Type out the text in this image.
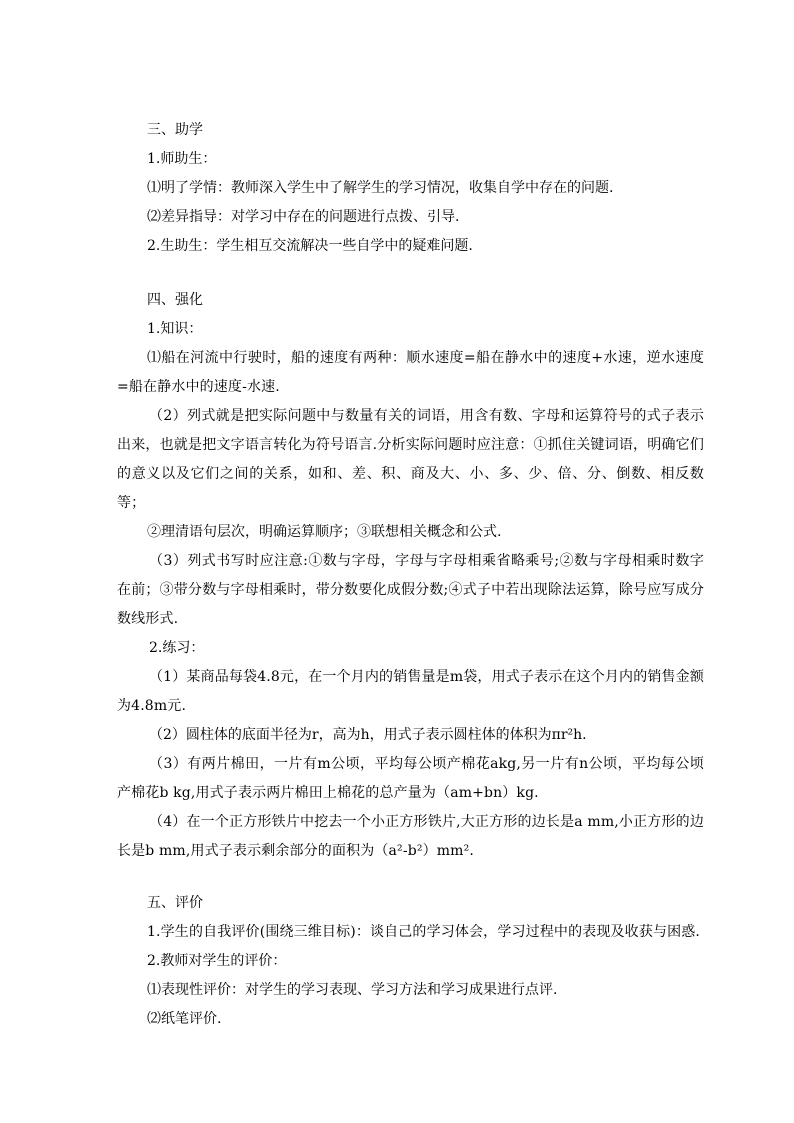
三、助学

1.师助生：

⑴明了学情：教师深入学生中了解学生的学习情况，收集自学中存在的问题.

⑵差异指导：对学习中存在的问题进行点拨、引导.

2.生助生：学生相互交流解决一些自学中的疑难问题.

四、强化

1.知识：

⑴船在河流中行驶时，船的速度有两种：顺水速度=船在静水中的速度+水速，逆水速度=船在静水中的速度-水速.

（2）列式就是把实际问题中与数量有关的词语，用含有数、字母和运算符号的式子表示出来，也就是把文字语言转化为符号语言.分析实际问题时应注意：①抓住关键词语，明确它们的意义以及它们之间的关系，如和、差、积、商及大、小、多、少、倍、分、倒数、相反数等；

②理清语句层次，明确运算顺序；③联想相关概念和公式.

（3）列式书写时应注意:①数与字母，字母与字母相乘省略乘号;②数与字母相乘时数字在前；③带分数与字母相乘时，带分数要化成假分数;④式子中若出现除法运算，除号应写成分数线形式.

2.练习：

（1）某商品每袋4.8元，在一个月内的销售量是m袋，用式子表示在这个月内的销售金额为4.8m元.

（2）圆柱体的底面半径为r，高为h，用式子表示圆柱体的体积为πr²h.

（3）有两片棉田，一片有m公顷，平均每公顷产棉花akg,另一片有n公顷，平均每公顷产棉花b kg,用式子表示两片棉田上棉花的总产量为（am+bn）kg.

（4）在一个正方形铁片中挖去一个小正方形铁片,大正方形的边长是a mm,小正方形的边长是b mm,用式子表示剩余部分的面积为（a²-b²）mm².

五、评价

1.学生的自我评价(围绕三维目标)：谈自己的学习体会，学习过程中的表现及收获与困惑.

2.教师对学生的评价：

⑴表现性评价：对学生的学习表现、学习方法和学习成果进行点评.

⑵纸笔评价.
